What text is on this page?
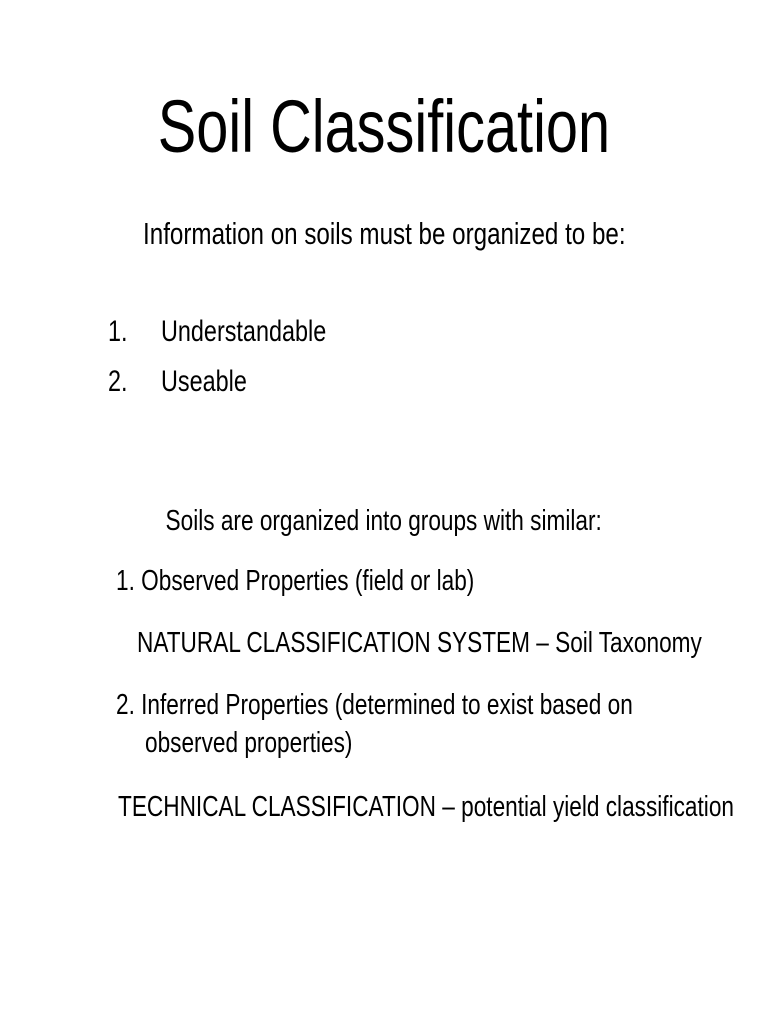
Soil Classification
Information on soils must be organized to be:
1. Understandable
2. Useable
Soils are organized into groups with similar:
1. Observed Properties (field or lab)
NATURAL CLASSIFICATION SYSTEM – Soil Taxonomy
2. Inferred Properties (determined to exist based on
observed properties)
TECHNICAL CLASSIFICATION – potential yield classification
